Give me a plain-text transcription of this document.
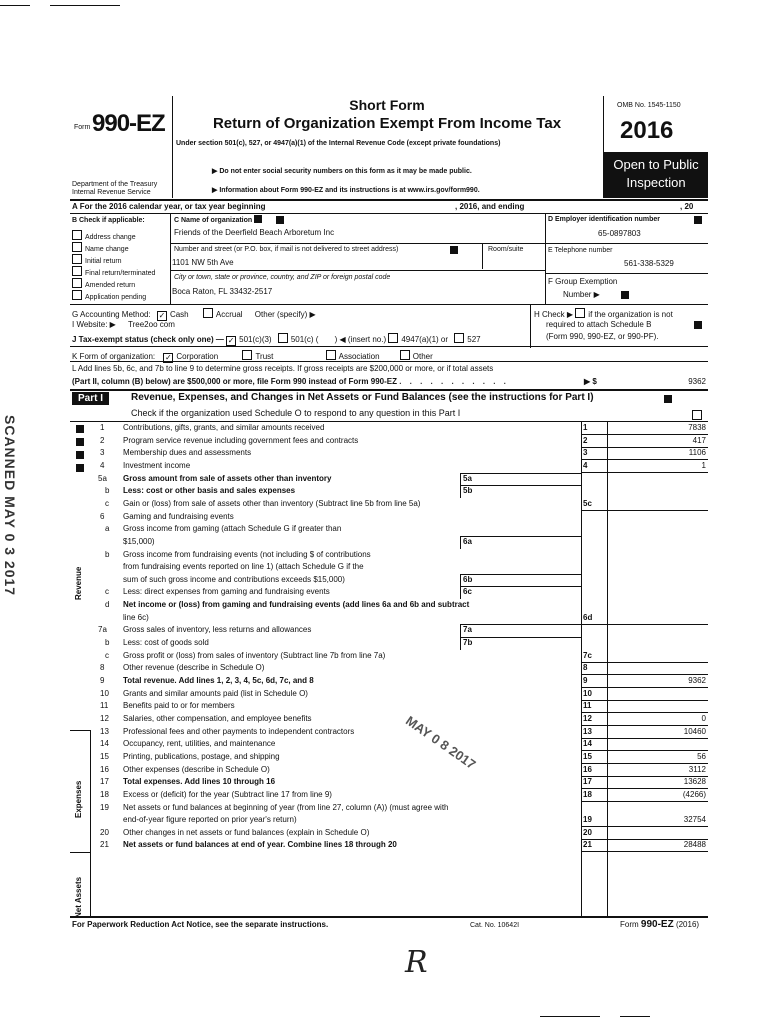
Form 990-EZ
Department of the Treasury
Internal Revenue Service
Short Form
Return of Organization Exempt From Income Tax
Under section 501(c), 527, or 4947(a)(1) of the Internal Revenue Code (except private foundations)
▶ Do not enter social security numbers on this form as it may be made public.
▶ Information about Form 990-EZ and its instructions is at www.irs.gov/form990.
OMB No. 1545-1150
2016
Open to Public
Inspection
A For the 2016 calendar year, or tax year beginning	, 2016, and ending	, 20
B Check if applicable:
Address change
Name change
Initial return
Final return/terminated
Amended return
Application pending
C Name of organization
Friends of the Deerfield Beach Arboretum Inc
Number and street (or P.O. box, if mail is not delivered to street address)	Room/suite
1101 NW 5th Ave
City or town, state or province, country, and ZIP or foreign postal code
Boca Raton, FL 33432-2517
D Employer identification number
65-0897803
E Telephone number
561-338-5329
F Group Exemption
Number ▶
G Accounting Method: ✓ Cash	Accrual Other (specify) ▶	H Check ▶ if the organization is not
required to attach Schedule B
(Form 990, 990-EZ, or 990-PF).
I Website: ▶ Tree2oo com
J Tax-exempt status (check only one) — ✓ 501(c)(3) 501(c) ( ) ◀ (insert no.) 4947(a)(1) or 527
K Form of organization: ✓ Corporation	Trust	Association	Other
L Add lines 5b, 6c, and 7b to line 9 to determine gross receipts. If gross receipts are $200,000 or more, or if total assets
(Part II, column (B) below) are $500,000 or more, file Form 990 instead of Form 990-EZ . . . . . . . . . . .	▶ $	9362
Part I	Revenue, Expenses, and Changes in Net Assets or Fund Balances (see the instructions for Part I)
Check if the organization used Schedule O to respond to any question in this Part I
Revenue
Expenses
Net Assets
1	Contributions, gifts, grants, and similar amounts received	1	7838
2	Program service revenue including government fees and contracts	2	417
3	Membership dues and assessments	3	1106
4	Investment income	4	1
5a	Gross amount from sale of assets other than inventory	5a
b	Less: cost or other basis and sales expenses	5b
c	Gain or (loss) from sale of assets other than inventory (Subtract line 5b from line 5a)	5c
6	Gaming and fundraising events
a	Gross income from gaming (attach Schedule G if greater than
$15,000)	6a
b	Gross income from fundraising events (not including $ of contributions
from fundraising events reported on line 1) (attach Schedule G if the
sum of such gross income and contributions exceeds $15,000)	6b
c	Less: direct expenses from gaming and fundraising events	6c
d	Net income or (loss) from gaming and fundraising events (add lines 6a and 6b and subtract
line 6c)	6d
7a	Gross sales of inventory, less returns and allowances	7a
b	Less: cost of goods sold	7b
c	Gross profit or (loss) from sales of inventory (Subtract line 7b from line 7a)	7c
8	Other revenue (describe in Schedule O)	8
9	Total revenue. Add lines 1, 2, 3, 4, 5c, 6d, 7c, and 8	9	9362
10	Grants and similar amounts paid (list in Schedule O)	10
11	Benefits paid to or for members	11
12	Salaries, other compensation, and employee benefits	12	0
13	Professional fees and other payments to independent contractors	13	10460
14	Occupancy, rent, utilities, and maintenance	14
15	Printing, publications, postage, and shipping	15	56
16	Other expenses (describe in Schedule O)	16	3112
17	Total expenses. Add lines 10 through 16	17	13628
18	Excess or (deficit) for the year (Subtract line 17 from line 9)	18	(4266)
19	Net assets or fund balances at beginning of year (from line 27, column (A)) (must agree with
end-of-year figure reported on prior year's return)	19	32754
20	Other changes in net assets or fund balances (explain in Schedule O)	20
21	Net assets or fund balances at end of year. Combine lines 18 through 20	21	28488
For Paperwork Reduction Act Notice, see the separate instructions.	Cat. No. 10642I	Form 990-EZ (2016)
SCANNED MAY 0 3 2017
MAY 0 8 2017
R
